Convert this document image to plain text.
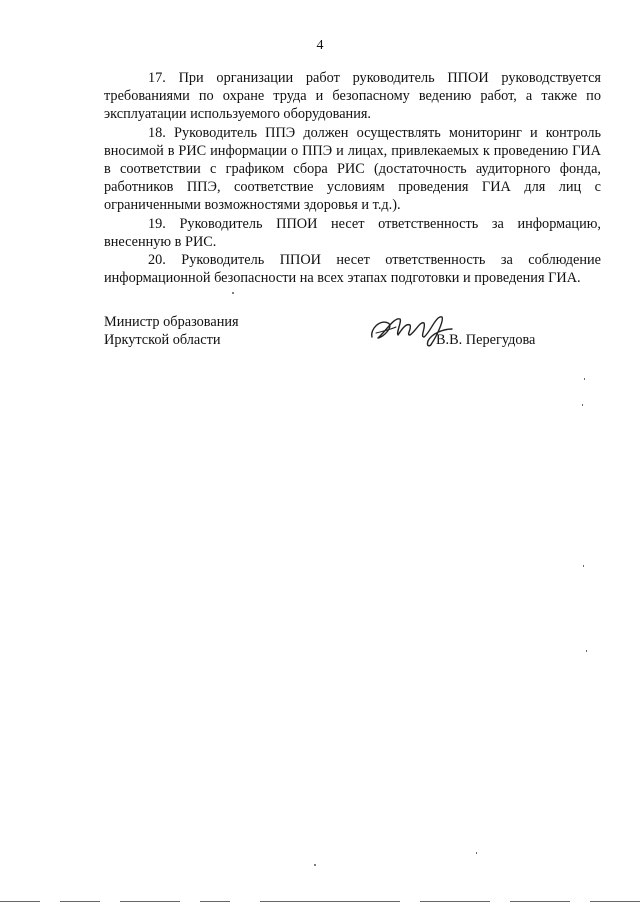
4

17. При организации работ руководитель ППОИ руководствуется требованиями по охране труда и безопасному ведению работ, а также по эксплуатации используемого оборудования.

18. Руководитель ППЭ должен осуществлять мониторинг и контроль вносимой в РИС информации о ППЭ и лицах, привлекаемых к проведению ГИА в соответствии с графиком сбора РИС (достаточность аудиторного фонда, работников ППЭ, соответствие условиям проведения ГИА для лиц с ограниченными возможностями здоровья и т.д.).

19. Руководитель ППОИ несет ответственность за информацию, внесенную в РИС.

20. Руководитель ППОИ несет ответственность за соблюдение информационной безопасности на всех этапах подготовки и проведения ГИА.

Министр образования
Иркутской области	В.В. Перегудова
